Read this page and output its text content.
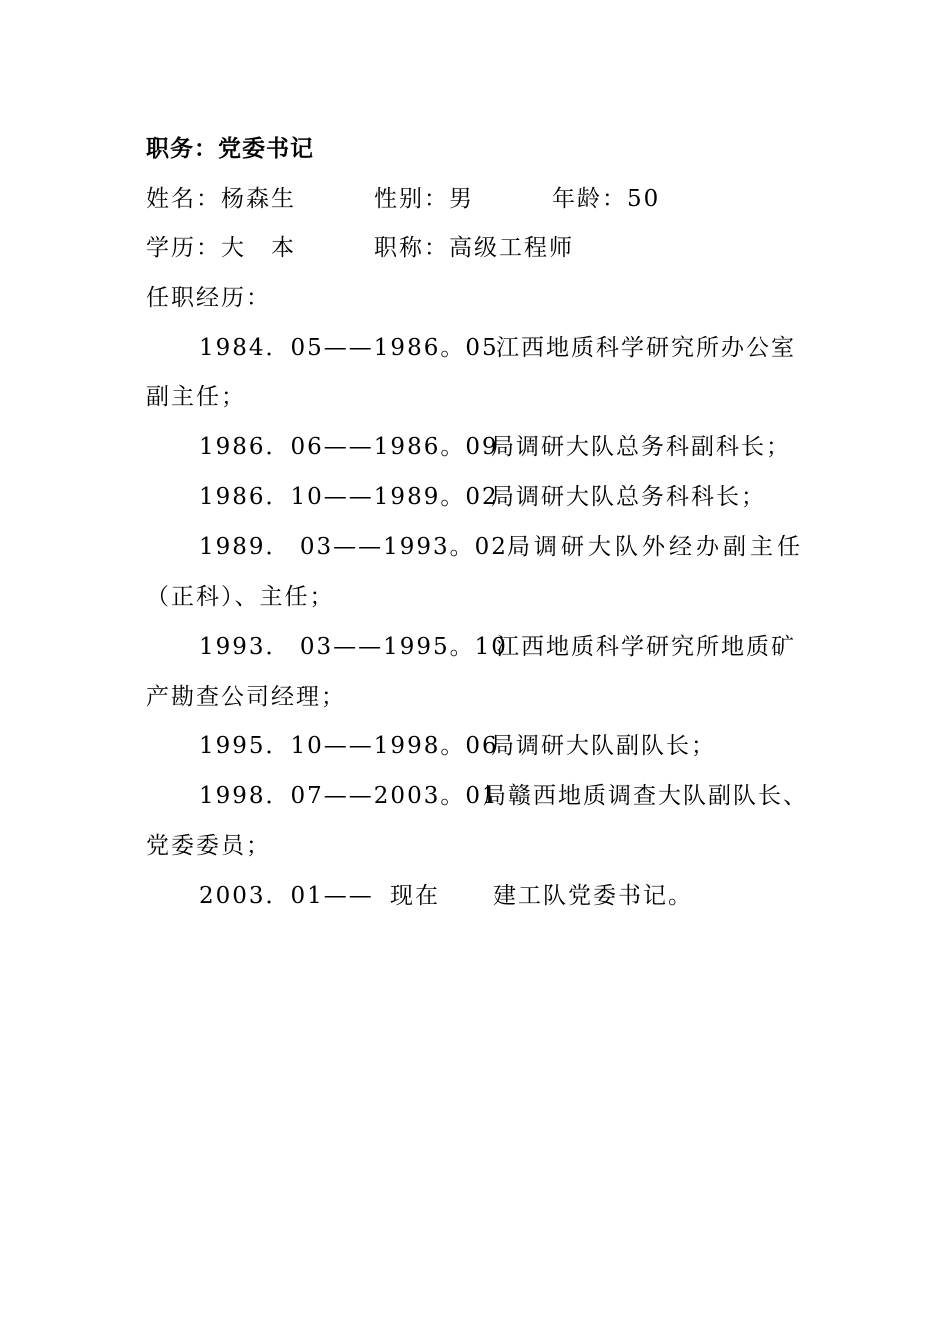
职务：党委书记
姓名：杨森生	性别：男	年龄：50
学历：大　本	职称：高级工程师
任职经历：
1984．05——1986。05
江西地质科学研究所办公室
副主任；
1986．06——1986。09
局调研大队总务科副科长；
1986．10——1989。02
局调研大队总务科科长；
1989． 03——1993。02 局调研大队外经办副主任
（正科）、主任；
1993． 03——1995。10
江西地质科学研究所地质矿
产勘查公司经理；
1995．10——1998。06
局调研大队副队长；
1998．07——2003。01
局赣西地质调查大队副队长、
党委委员；
2003．01—— 现在 建工队党委书记。
